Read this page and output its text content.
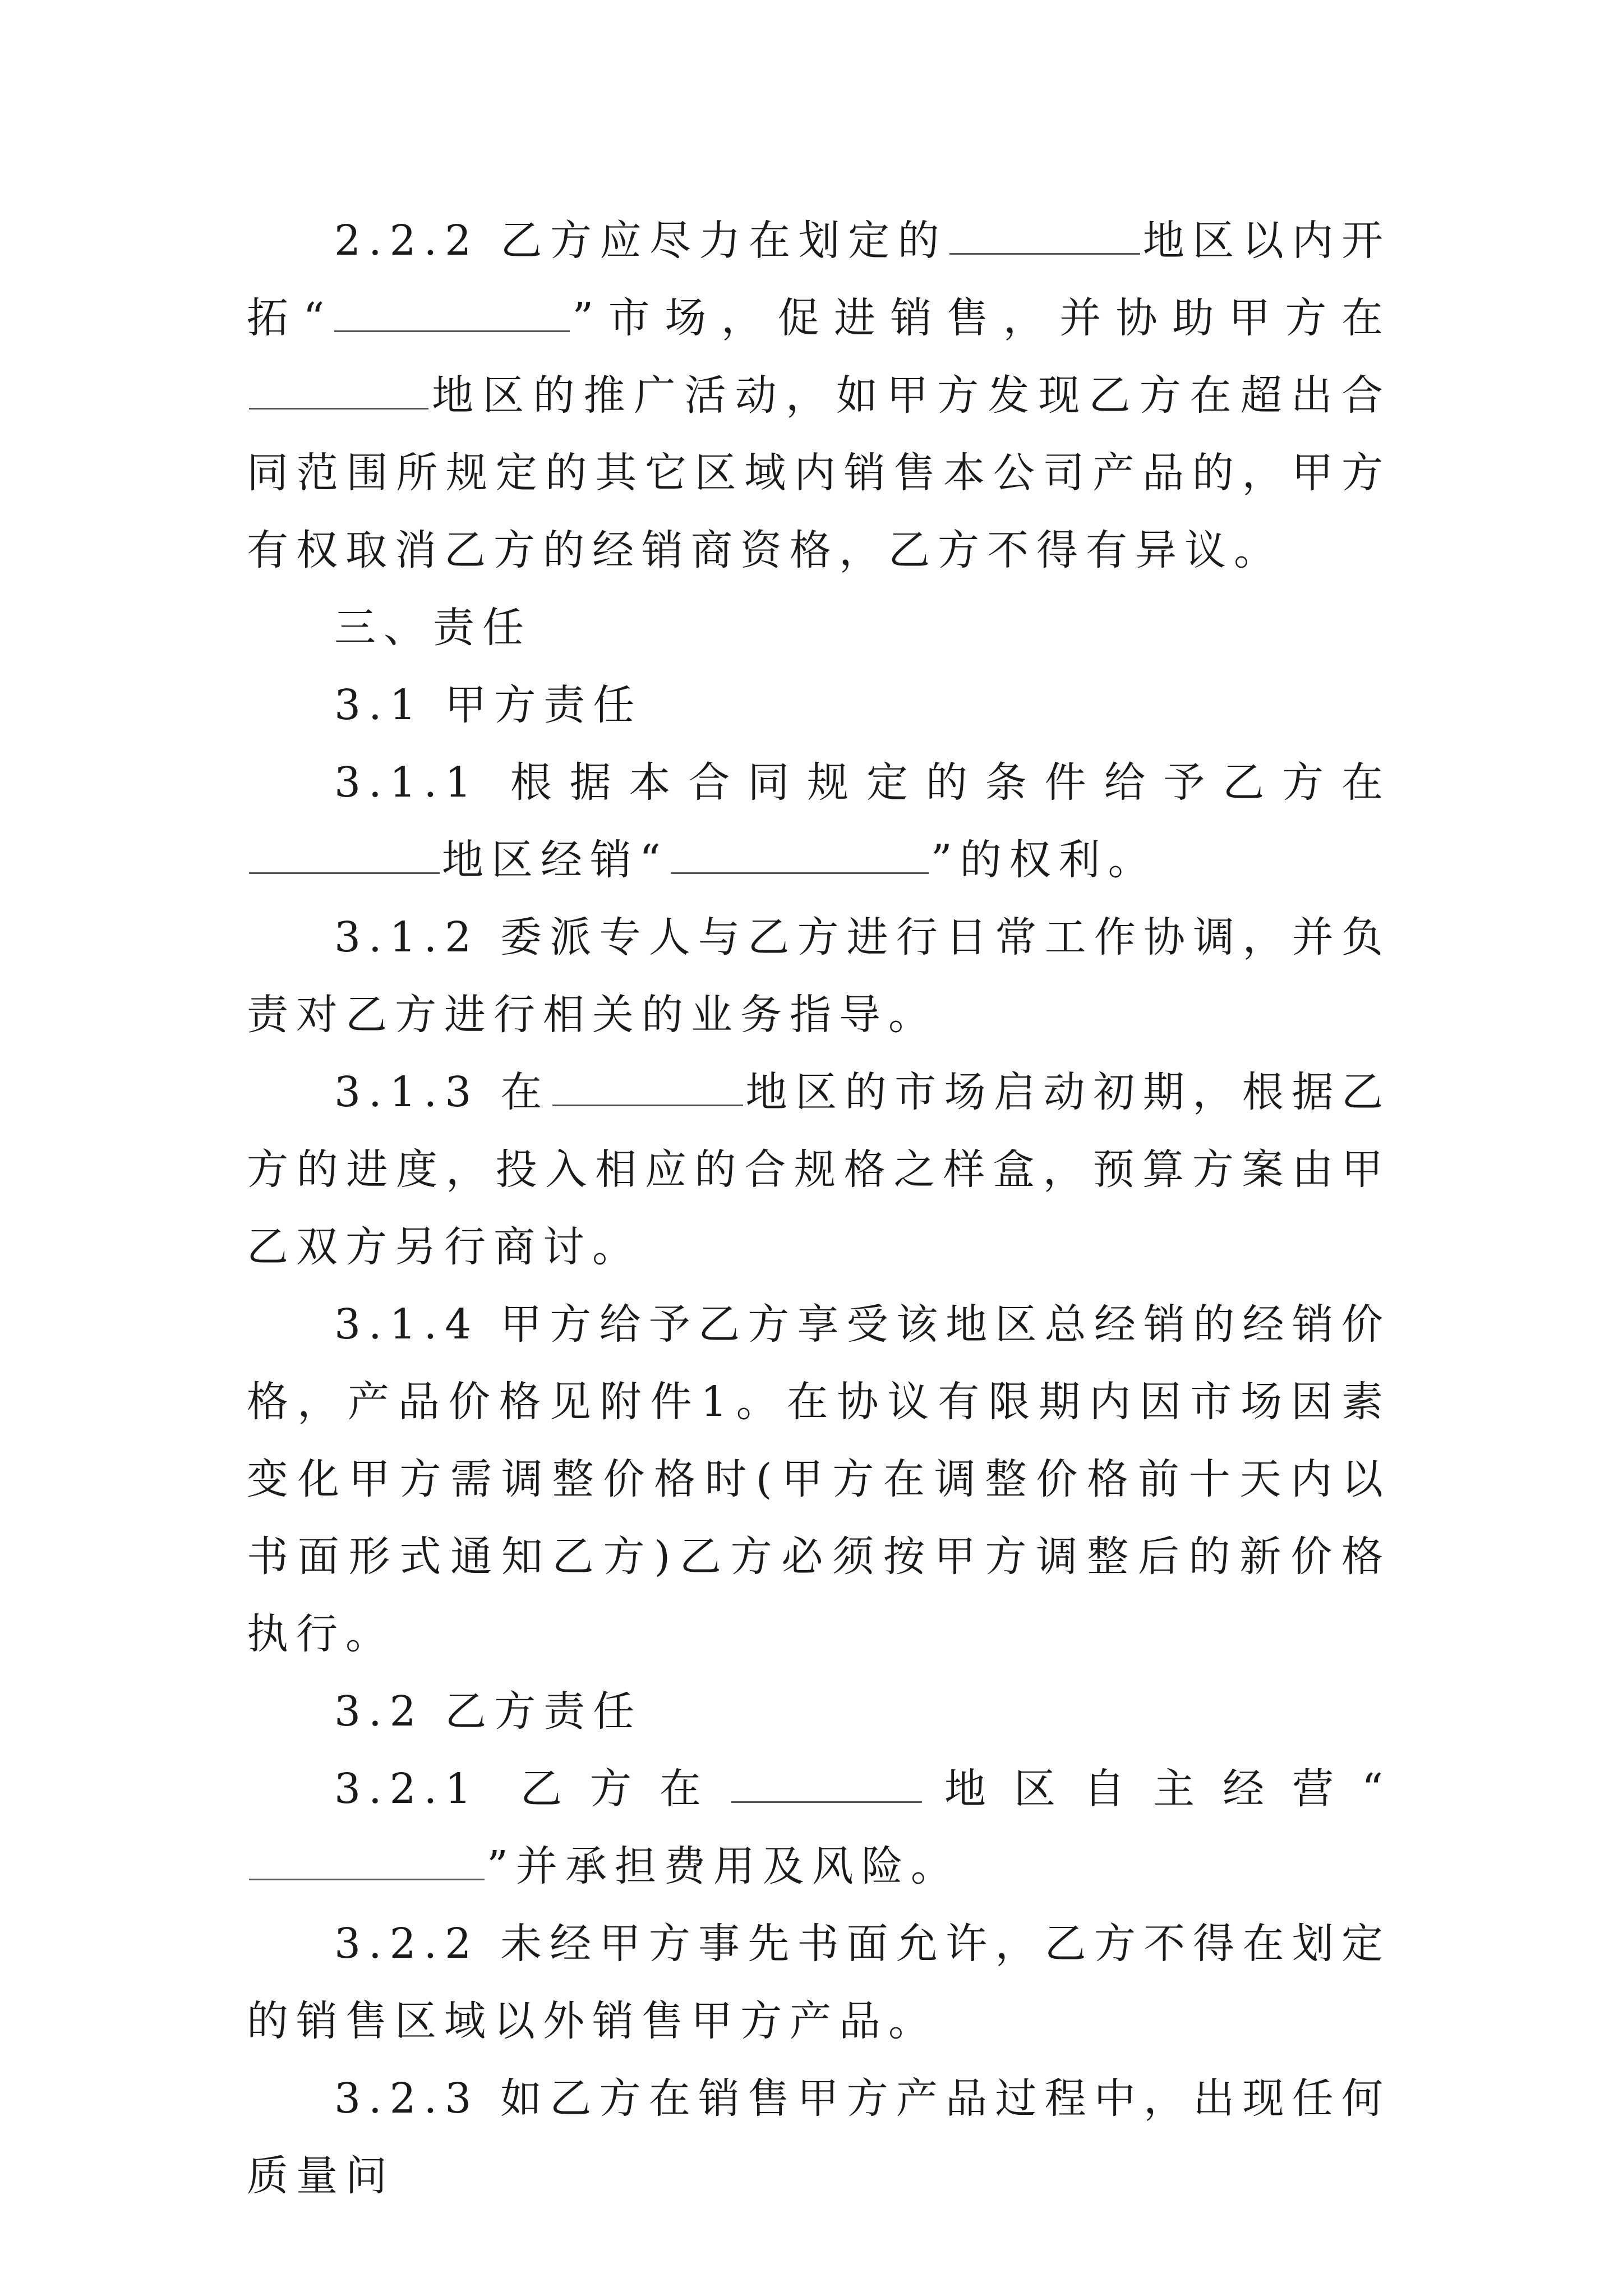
2.2.2 乙方应尽力在划定的	地区以内开拓“	”市场，促进销售，并协助甲方在地区的推广活动，如甲方发现乙方在超出合同范围所规定的其它区域内销售本公司产品的，甲方有权取消乙方的经销商资格，乙方不得有异议。

三、责任

3.1 甲方责任

3.1.1 根据本合同规定的条件给予乙方在地区经销“	”的权利。

3.1.2 委派专人与乙方进行日常工作协调，并负责对乙方进行相关的业务指导。

3.1.3 在	地区的市场启动初期，根据乙方的进度，投入相应的合规格之样盒，预算方案由甲乙双方另行商讨。

3.1.4 甲方给予乙方享受该地区总经销的经销价格，产品价格见附件1。在协议有限期内因市场因素变化甲方需调整价格时(甲方在调整价格前十天内以书面形式通知乙方)乙方必须按甲方调整后的新价格执行。

3.2 乙方责任

3.2.1 乙方在	地区自主经营“”并承担费用及风险。

3.2.2 未经甲方事先书面允许，乙方不得在划定的销售区域以外销售甲方产品。

3.2.3 如乙方在销售甲方产品过程中，出现任何质量问
